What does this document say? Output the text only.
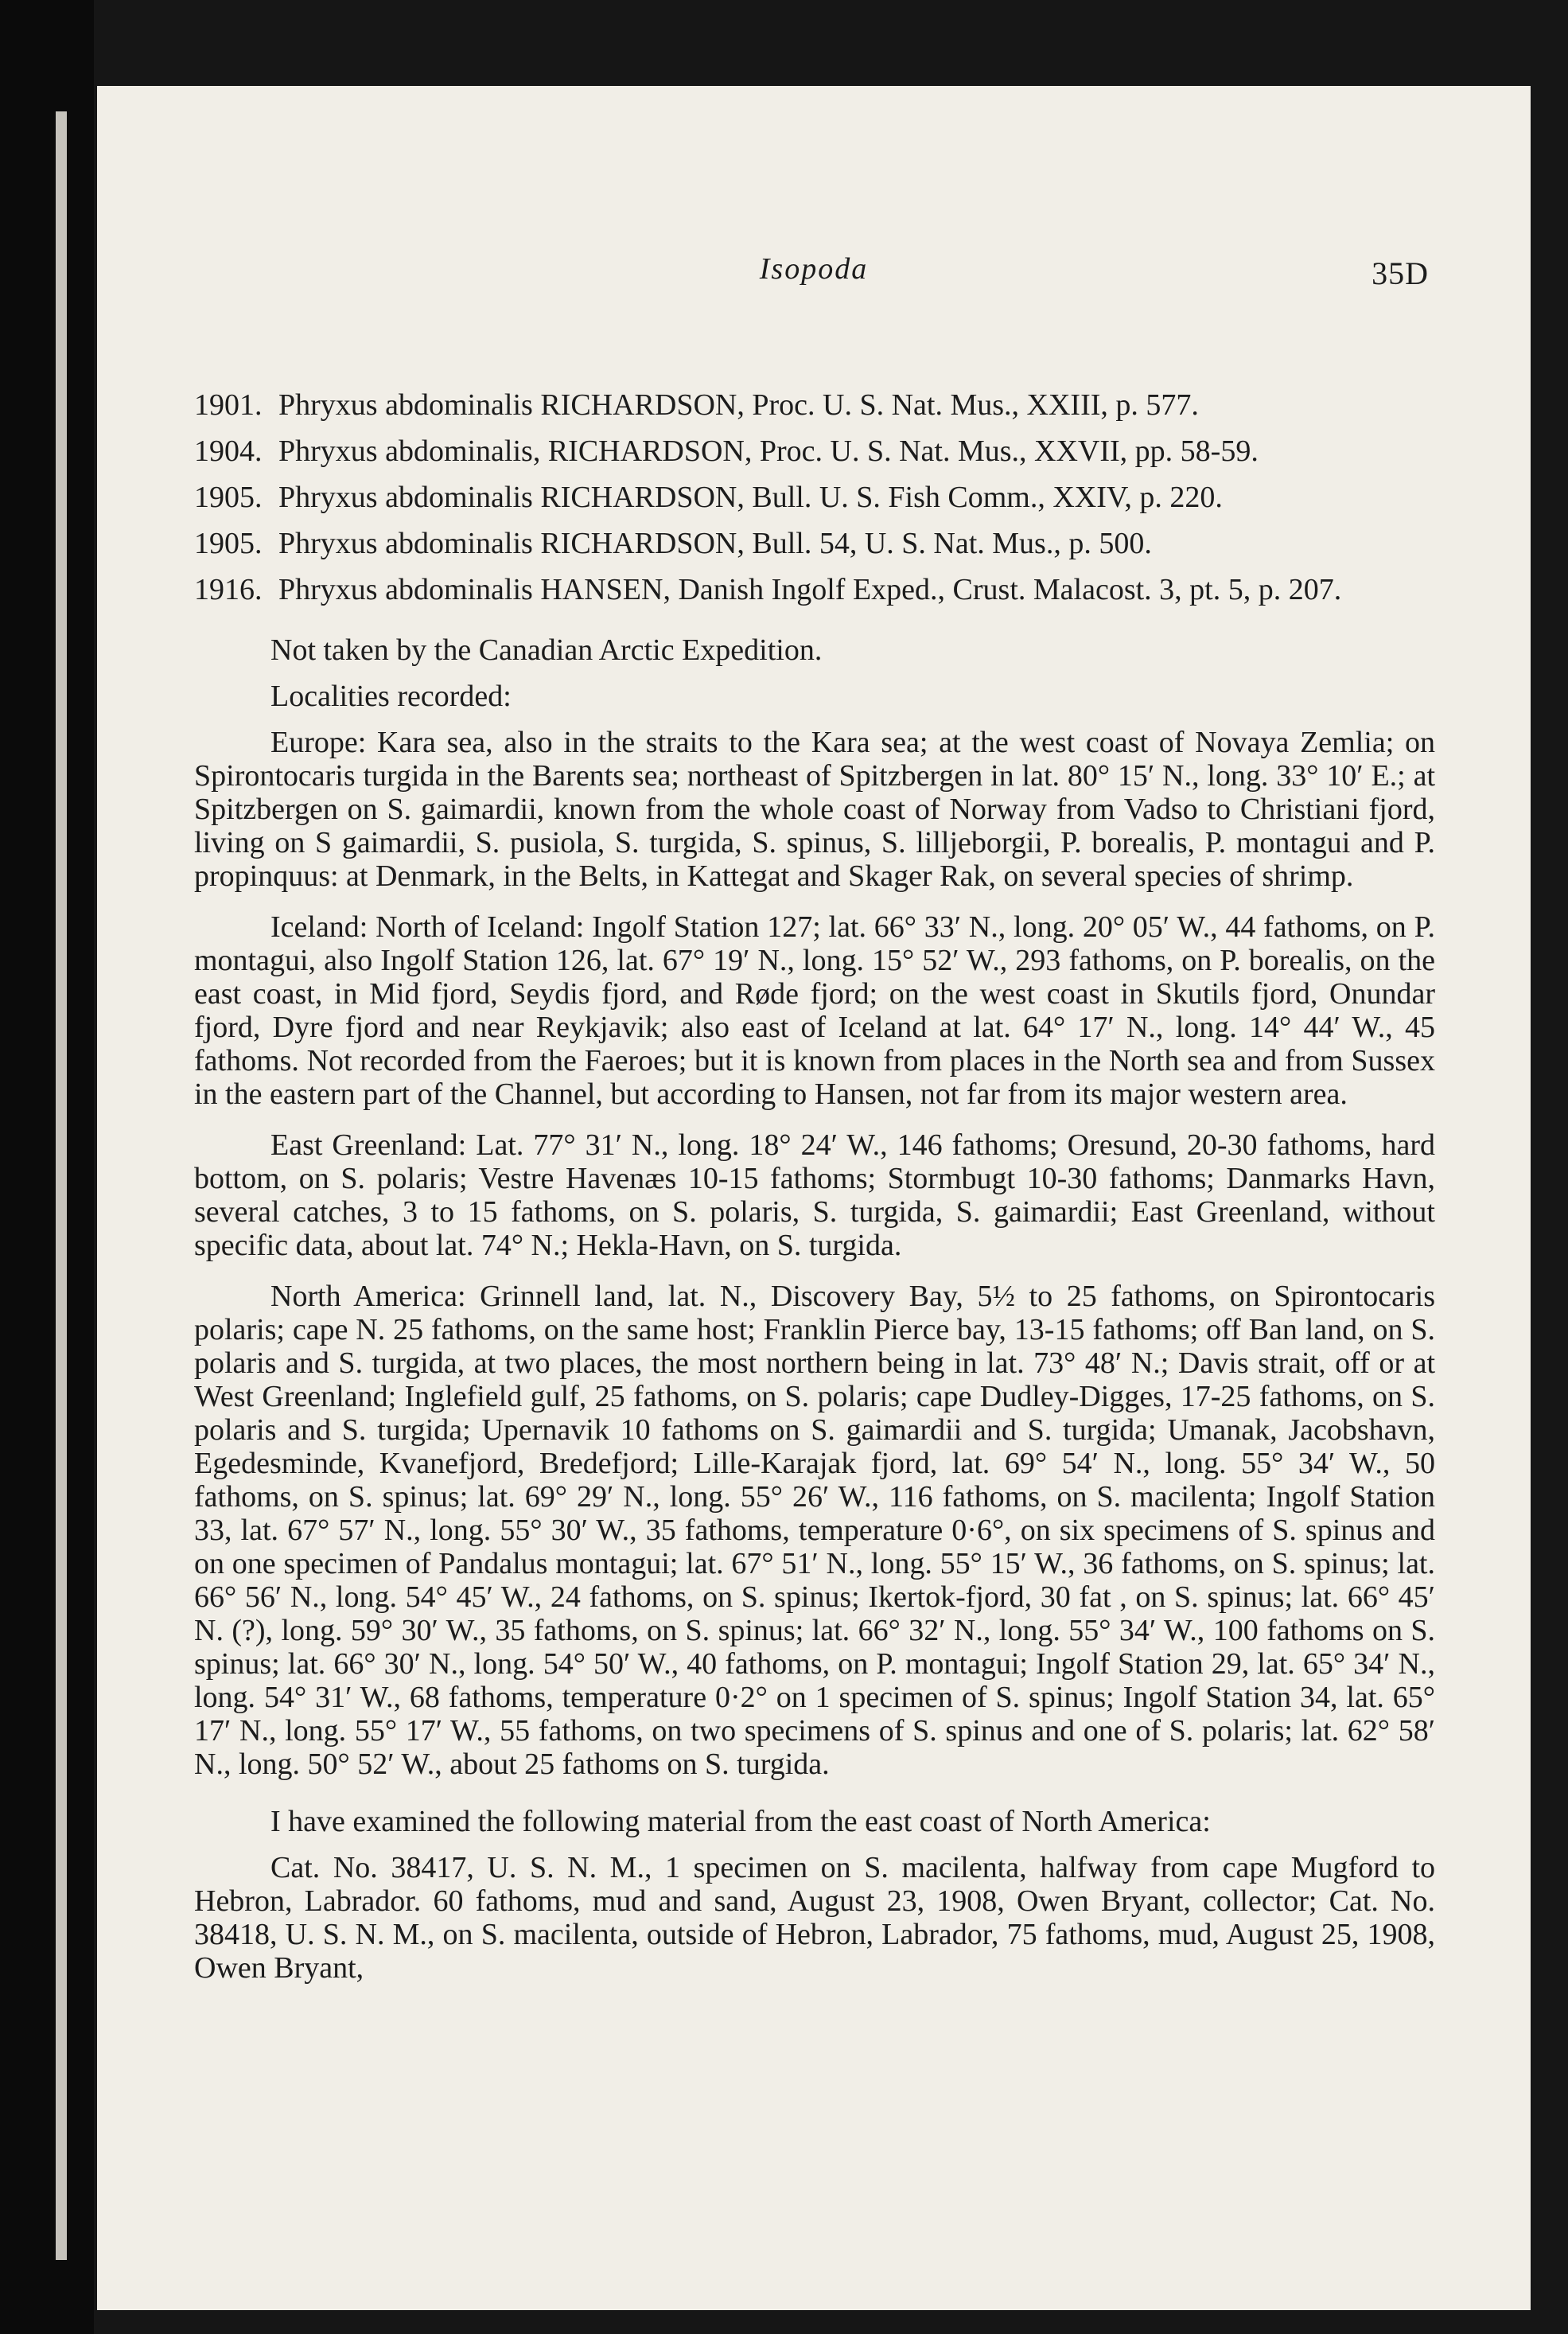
Isopoda	35D
1901. Phryxus abdominalis RICHARDSON, Proc. U. S. Nat. Mus., XXIII, p. 577.
1904. Phryxus abdominalis, RICHARDSON, Proc. U. S. Nat. Mus., XXVII, pp. 58-59.
1905. Phryxus abdominalis RICHARDSON, Bull. U. S. Fish Comm., XXIV, p. 220.
1905. Phryxus abdominalis RICHARDSON, Bull. 54, U. S. Nat. Mus., p. 500.
1916. Phryxus abdominalis HANSEN, Danish Ingolf Exped., Crust. Malacost. 3, pt. 5, p. 207.

Not taken by the Canadian Arctic Expedition.

Localities recorded:

Europe: Kara sea, also in the straits to the Kara sea; at the west coast of Novaya Zemlia; on Spirontocaris turgida in the Barents sea; northeast of Spitzbergen in lat. 80° 15′ N., long. 33° 10′ E.; at Spitzbergen on S. gaimardii, known from the whole coast of Norway from Vadso to Christiani fjord, living on S gaimardii, S. pusiola, S. turgida, S. spinus, S. lilljeborgii, P. borealis, P. montagui and P. propinquus: at Denmark, in the Belts, in Kattegat and Skager Rak, on several species of shrimp.

Iceland: North of Iceland: Ingolf Station 127; lat. 66° 33′ N., long. 20° 05′ W., 44 fathoms, on P. montagui, also Ingolf Station 126, lat. 67° 19′ N., long. 15° 52′ W., 293 fathoms, on P. borealis, on the east coast, in Mid fjord, Seydis fjord, and Rødе fjord; on the west coast in Skutils fjord, Onundar fjord, Dyre fjord and near Reykjavik; also east of Iceland at lat. 64° 17′ N., long. 14° 44′ W., 45 fathoms. Not recorded from the Faeroes; but it is known from places in the North sea and from Sussex in the eastern part of the Channel, but according to Hansen, not far from its major western area.

East Greenland: Lat. 77° 31′ N., long. 18° 24′ W., 146 fathoms; Oresund, 20-30 fathoms, hard bottom, on S. polaris; Vestre Havenæs 10-15 fathoms; Stormbugt 10-30 fathoms; Danmarks Havn, several catches, 3 to 15 fathoms, on S. polaris, S. turgida, S. gaimardii; East Greenland, without specific data, about lat. 74° N.; Hekla-Havn, on S. turgida.

North America: Grinnell land, lat. N., Discovery Bay, 5½ to 25 fathoms, on Spirontocaris polaris; cape N. 25 fathoms, on the same host; Franklin Pierce bay, 13-15 fathoms; off Ban land, on S. polaris and S. turgida, at two places, the most northern being in lat. 73° 48′ N.; Davis strait, off or at West Greenland; Inglefield gulf, 25 fathoms, on S. polaris; cape Dudley-Digges, 17-25 fathoms, on S. polaris and S. turgida; Upernavik 10 fathoms on S. gaimardii and S. turgida; Umanak, Jacobshavn, Egedesminde, Kvanefjord, Bredefjord; Lille-Karajak fjord, lat. 69° 54′ N., long. 55° 34′ W., 50 fathoms, on S. spinus; lat. 69° 29′ N., long. 55° 26′ W., 116 fathoms, on S. macilenta; Ingolf Station 33, lat. 67° 57′ N., long. 55° 30′ W., 35 fathoms, temperature 0·6°, on six specimens of S. spinus and on one specimen of Pandalus montagui; lat. 67° 51′ N., long. 55° 15′ W., 36 fathoms, on S. spinus; lat. 66° 56′ N., long. 54° 45′ W., 24 fathoms, on S. spinus; Ikertok-fjord, 30 fat , on S. spinus; lat. 66° 45′ N. (?), long. 59° 30′ W., 35 fathoms, on S. spinus; lat. 66° 32′ N., long. 55° 34′ W., 100 fathoms on S. spinus; lat. 66° 30′ N., long. 54° 50′ W., 40 fathoms, on P. montagui; Ingolf Station 29, lat. 65° 34′ N., long. 54° 31′ W., 68 fathoms, temperature 0·2° on 1 specimen of S. spinus; Ingolf Station 34, lat. 65° 17′ N., long. 55° 17′ W., 55 fathoms, on two specimens of S. spinus and one of S. polaris; lat. 62° 58′ N., long. 50° 52′ W., about 25 fathoms on S. turgida.

I have examined the following material from the east coast of North America:

Cat. No. 38417, U. S. N. M., 1 specimen on S. macilenta, halfway from cape Mugford to Hebron, Labrador. 60 fathoms, mud and sand, August 23, 1908, Owen Bryant, collector; Cat. No. 38418, U. S. N. M., on S. macilenta, outside of Hebron, Labrador, 75 fathoms, mud, August 25, 1908, Owen Bryant,
